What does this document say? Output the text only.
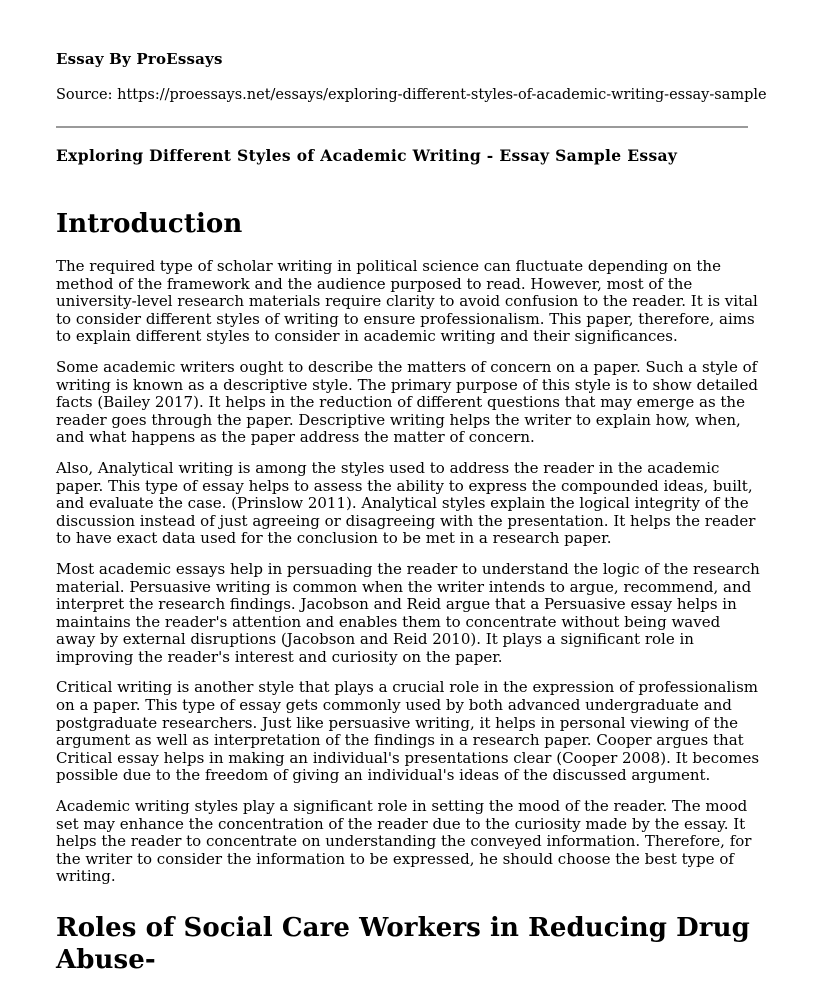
Essay By ProEssays
Source: https://proessays.net/essays/exploring-different-styles-of-academic-writing-essay-sample
Exploring Different Styles of Academic Writing - Essay Sample Essay
Introduction

The required type of scholar writing in political science can fluctuate depending on the method of the framework and the audience purposed to read. However, most of the university-level research materials require clarity to avoid confusion to the reader. It is vital to consider different styles of writing to ensure professionalism. This paper, therefore, aims to explain different styles to consider in academic writing and their significances.

Some academic writers ought to describe the matters of concern on a paper. Such a style of writing is known as a descriptive style. The primary purpose of this style is to show detailed facts (Bailey 2017). It helps in the reduction of different questions that may emerge as the reader goes through the paper. Descriptive writing helps the writer to explain how, when, and what happens as the paper address the matter of concern.

Also, Analytical writing is among the styles used to address the reader in the academic paper. This type of essay helps to assess the ability to express the compounded ideas, built, and evaluate the case. (Prinslow 2011). Analytical styles explain the logical integrity of the discussion instead of just agreeing or disagreeing with the presentation. It helps the reader to have exact data used for the conclusion to be met in a research paper.

Most academic essays help in persuading the reader to understand the logic of the research material. Persuasive writing is common when the writer intends to argue, recommend, and interpret the research findings. Jacobson and Reid argue that a Persuasive essay helps in maintains the reader's attention and enables them to concentrate without being waved away by external disruptions (Jacobson and Reid 2010). It plays a significant role in improving the reader's interest and curiosity on the paper.

Critical writing is another style that plays a crucial role in the expression of professionalism on a paper. This type of essay gets commonly used by both advanced undergraduate and postgraduate researchers. Just like persuasive writing, it helps in personal viewing of the argument as well as interpretation of the findings in a research paper. Cooper argues that Critical essay helps in making an individual's presentations clear (Cooper 2008). It becomes possible due to the freedom of giving an individual's ideas of the discussed argument.

Academic writing styles play a significant role in setting the mood of the reader. The mood set may enhance the concentration of the reader due to the curiosity made by the essay. It helps the reader to concentrate on understanding the conveyed information. Therefore, for the writer to consider the information to be expressed, he should choose the best type of writing.

Roles of Social Care Workers in Reducing Drug Abuse-
